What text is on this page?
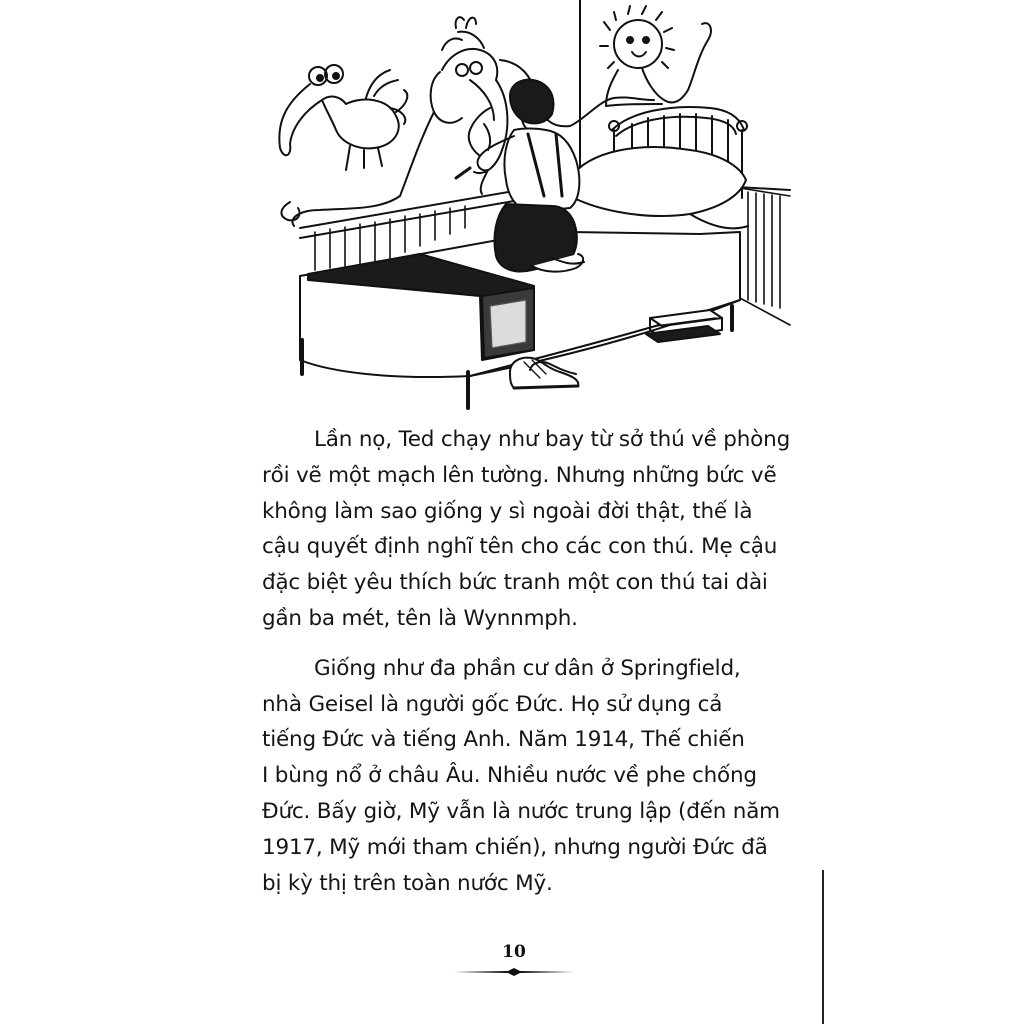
Lần nọ, Ted chạy như bay từ sở thú về phòng
rồi vẽ một mạch lên tường. Nhưng những bức vẽ
không làm sao giống y sì ngoài đời thật, thế là
cậu quyết định nghĩ tên cho các con thú. Mẹ cậu
đặc biệt yêu thích bức tranh một con thú tai dài
gần ba mét, tên là Wynnmph.

Giống như đa phần cư dân ở Springfield,
nhà Geisel là người gốc Đức. Họ sử dụng cả
tiếng Đức và tiếng Anh. Năm 1914, Thế chiến
I bùng nổ ở châu Âu. Nhiều nước về phe chống
Đức. Bấy giờ, Mỹ vẫn là nước trung lập (đến năm
1917, Mỹ mới tham chiến), nhưng người Đức đã
bị kỳ thị trên toàn nước Mỹ.

10
